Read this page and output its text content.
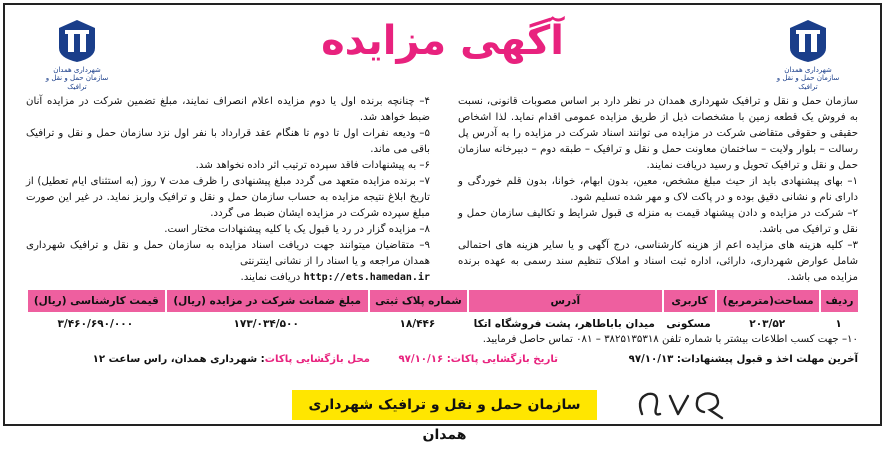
شهرداری همدان
سازمان حمل و نقل و ترافیک
شهرداری همدان
سازمان حمل و نقل و ترافیک
آگهی مزایده

سازمان حمل و نقل و ترافیک شهرداری همدان در نظر دارد بر اساس مصوبات قانونی، نسبت به فروش یک قطعه زمین با مشخصات ذیل از طریق مزایده عمومی اقدام نماید. لذا اشخاص حقیقی و حقوقی متقاضی شرکت در مزایده می توانند اسناد شرکت در مزایده را به آدرس پل رسالت – بلوار ولایت – ساختمان معاونت حمل و نقل و ترافیک – طبقه دوم – دبیرخانه سازمان حمل و نقل و ترافیک تحویل و رسید دریافت نمایند.

۱– بهای پیشنهادی باید از حیث مبلغ مشخص، معین، بدون ابهام، خوانا، بدون قلم خوردگی و دارای نام و نشانی دقیق بوده و در پاکت لاک و مهر شده تسلیم شود.

۲– شرکت در مزایده و دادن پیشنهاد قیمت به منزله ی قبول شرایط و تکالیف سازمان حمل و نقل و ترافیک می باشد.

۳– کلیه هزینه های مزایده اعم از هزینه کارشناسی، درج آگهی و یا سایر هزینه های احتمالی شامل عوارض شهرداری، دارائی، اداره ثبت اسناد و املاک تنظیم سند رسمی به عهده برنده مزایده می باشد.

۴– چنانچه برنده اول یا دوم مزایده اعلام انصراف نمایند، مبلغ تضمین شرکت در مزایده آنان ضبط خواهد شد.

۵– ودیعه نفرات اول تا دوم تا هنگام عقد قرارداد با نفر اول نزد سازمان حمل و نقل و ترافیک باقی می ماند.

۶– به پیشنهادات فاقد سپرده ترتیب اثر داده نخواهد شد.

۷– برنده مزایده متعهد می گردد مبلغ پیشنهادی را ظرف مدت ۷ روز (به استثنای ایام تعطیل) از تاریخ ابلاغ نتیجه مزایده به حساب سازمان حمل و نقل و ترافیک واریز نماید. در غیر این صورت مبلغ سپرده شرکت در مزایده ایشان ضبط می گردد.

۸– مزایده گزار در رد یا قبول یک یا کلیه پیشنهادات مختار است.

۹– متقاضیان میتوانند جهت دریافت اسناد مزایده به سازمان حمل و نقل و ترافیک شهرداری همدان مراجعه و یا اسناد را از نشانی اینترنتی

http://ets.hamedan.ir دریافت نمایند.

ردیف	مساحت(مترمربع)	کاربری	آدرس	شماره پلاک ثبتی	مبلغ ضمانت شرکت در مزایده (ریال)	قیمت کارشناسی (ریال)
۱	۲۰۳/۵۲	مسکونی	میدان باباطاهر، پشت فروشگاه اتکا	۱۸/۴۴۶	۱۷۳/۰۳۴/۵۰۰	۳/۴۶۰/۶۹۰/۰۰۰
۱۰– جهت کسب اطلاعات بیشتر با شماره تلفن ۳۸۲۵۱۳۵۳۱۸ – ۰۸۱ تماس حاصل فرمایید.
آخرین مهلت اخذ و قبول پیشنهادات: ۹۷/۱۰/۱۳
تاریخ بازگشایی پاکات: ۹۷/۱۰/۱۶
محل بازگشایی پاکات: شهرداری همدان، راس ساعت ۱۲
سازمان حمل و نقل و ترافیک شهرداری همدان
